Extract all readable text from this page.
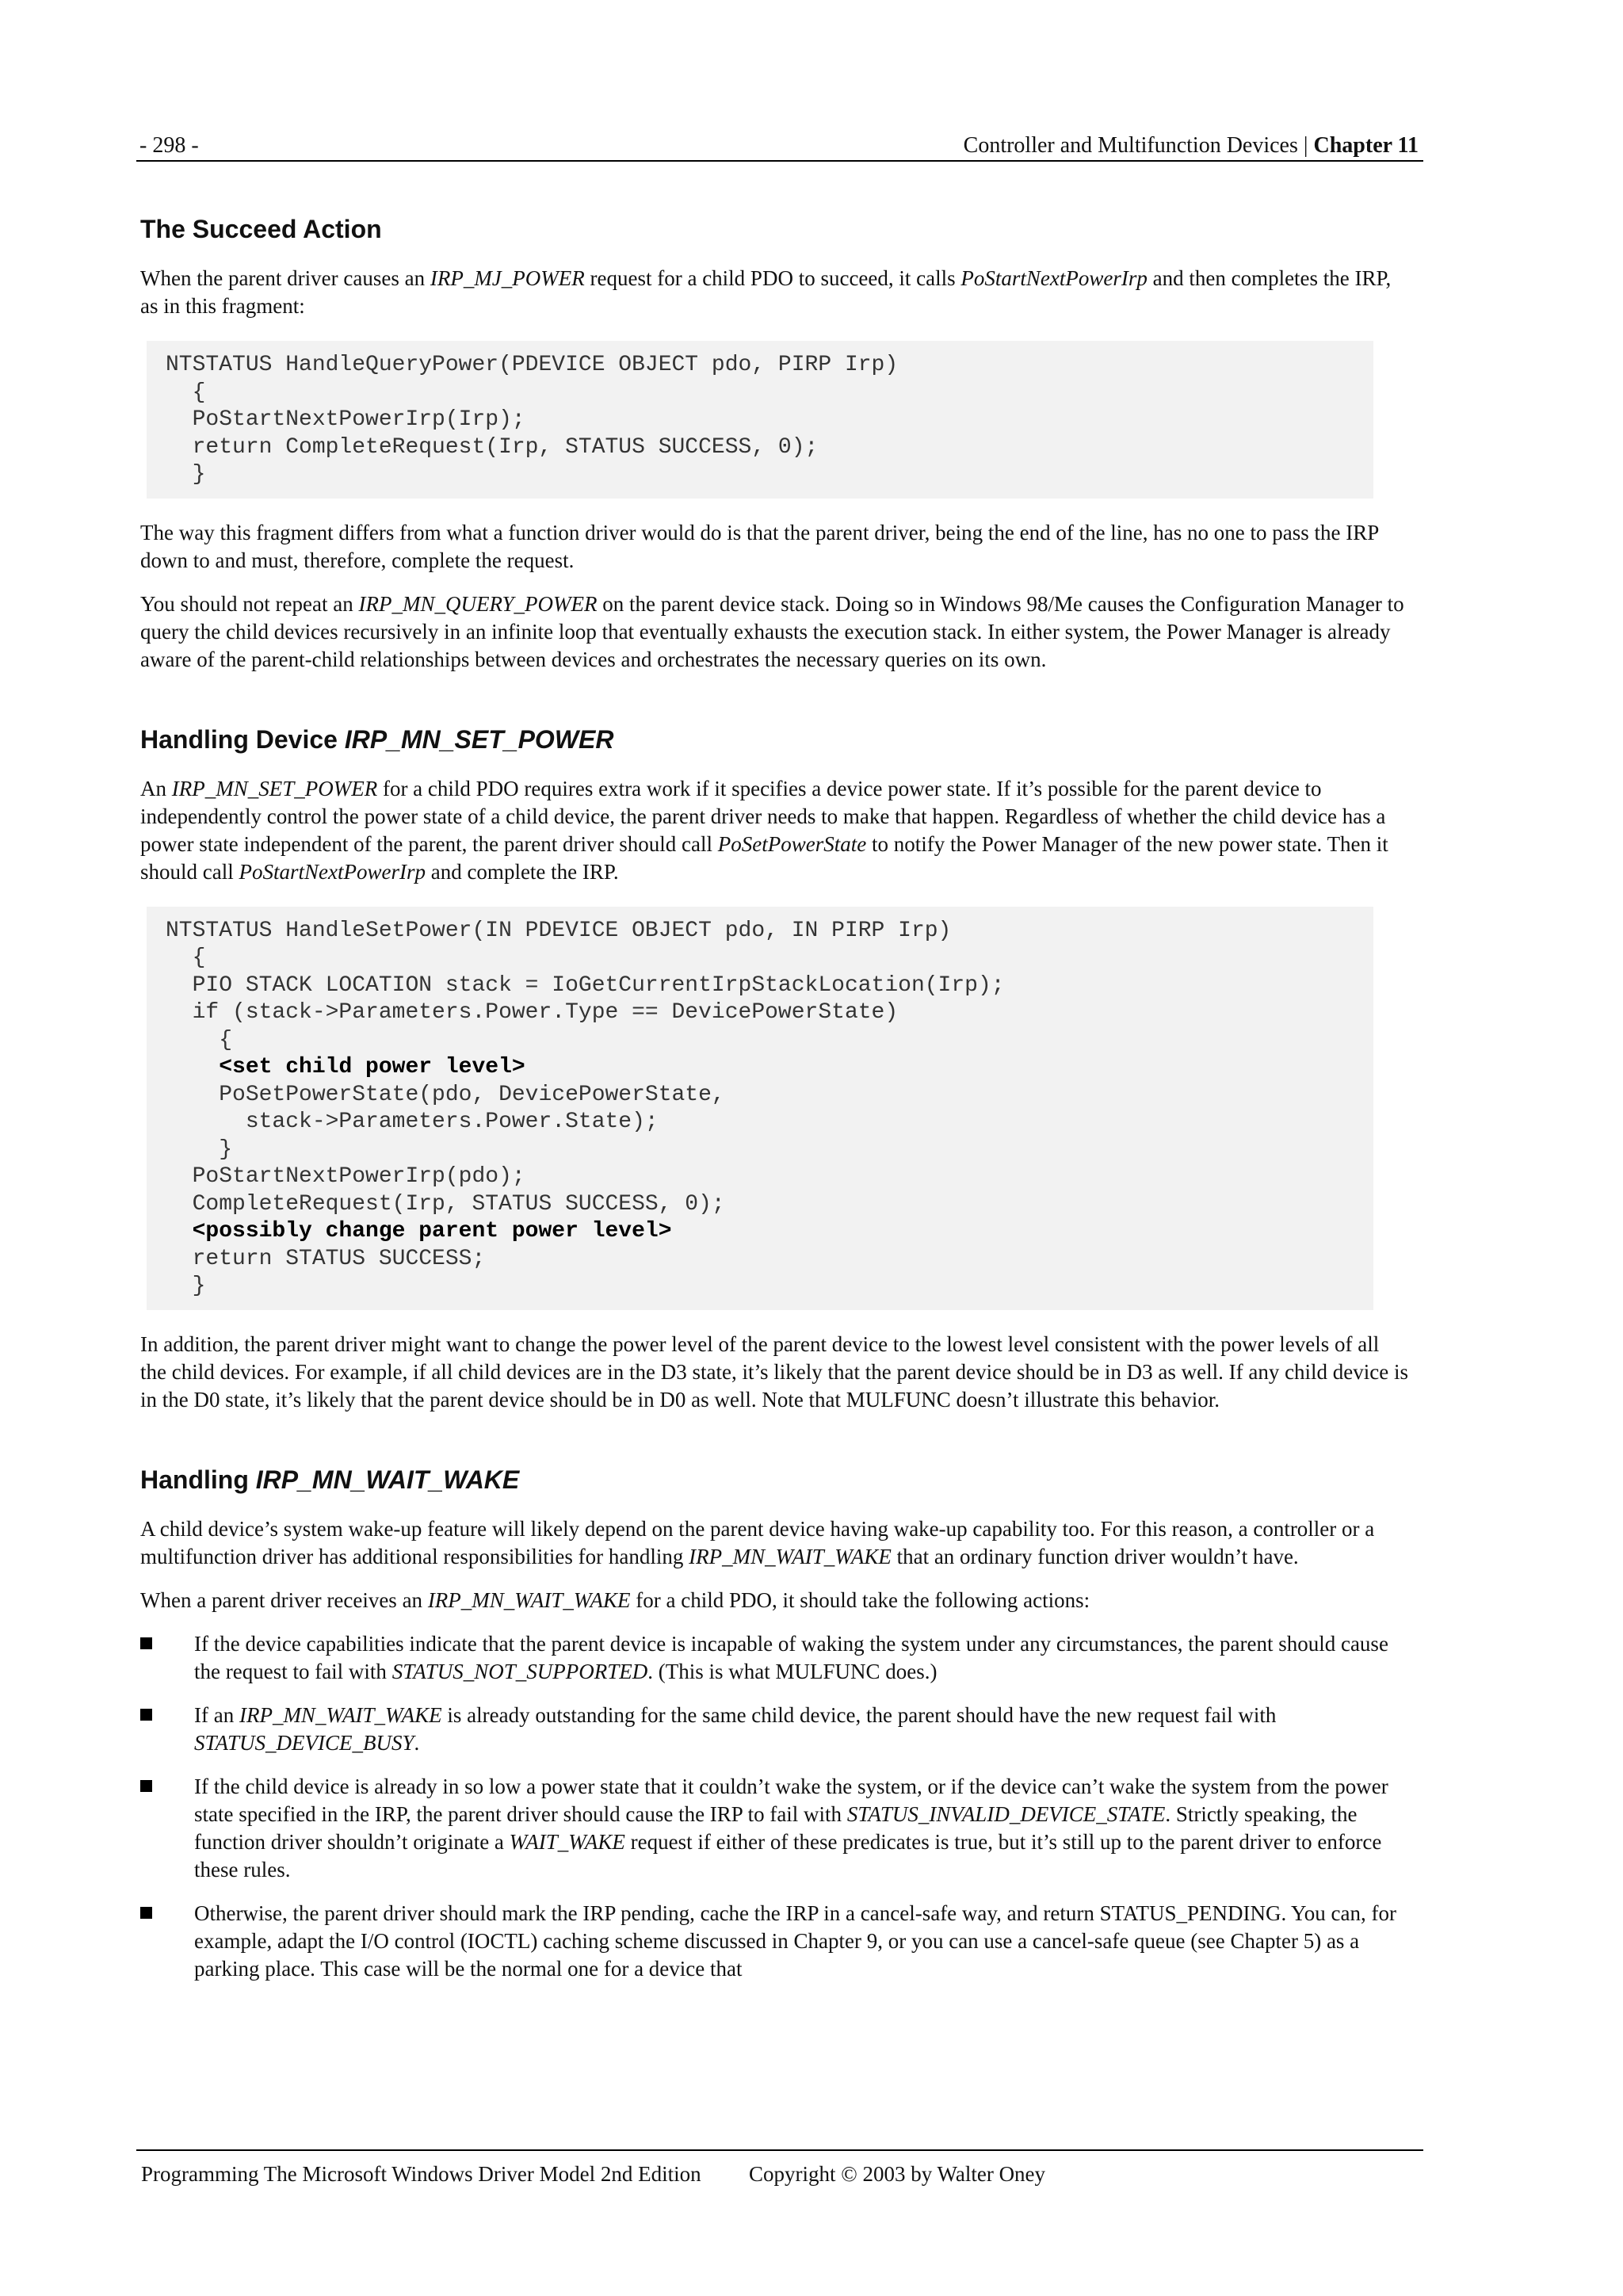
- 298 -	Controller and Multifunction Devices | Chapter 11
The Succeed Action

When the parent driver causes an IRP_MJ_POWER request for a child PDO to succeed, it calls PoStartNextPowerIrp and then completes the IRP, as in this fragment:

NTSTATUS HandleQueryPower(PDEVICE OBJECT pdo, PIRP Irp)
{
PoStartNextPowerIrp(Irp);
return CompleteRequest(Irp, STATUS SUCCESS, 0);
}

The way this fragment differs from what a function driver would do is that the parent driver, being the end of the line, has no one to pass the IRP down to and must, therefore, complete the request.

You should not repeat an IRP_MN_QUERY_POWER on the parent device stack. Doing so in Windows 98/Me causes the Configuration Manager to query the child devices recursively in an infinite loop that eventually exhausts the execution stack. In either system, the Power Manager is already aware of the parent-child relationships between devices and orchestrates the necessary queries on its own.

Handling Device IRP_MN_SET_POWER

An IRP_MN_SET_POWER for a child PDO requires extra work if it specifies a device power state. If it’s possible for the parent device to independently control the power state of a child device, the parent driver needs to make that happen. Regardless of whether the child device has a power state independent of the parent, the parent driver should call PoSetPowerState to notify the Power Manager of the new power state. Then it should call PoStartNextPowerIrp and complete the IRP.

NTSTATUS HandleSetPower(IN PDEVICE OBJECT pdo, IN PIRP Irp)
{
PIO STACK LOCATION stack = IoGetCurrentIrpStackLocation(Irp);
if (stack->Parameters.Power.Type == DevicePowerState)
{
<set child power level>
PoSetPowerState(pdo, DevicePowerState,
stack->Parameters.Power.State);
}
PoStartNextPowerIrp(pdo);
CompleteRequest(Irp, STATUS SUCCESS, 0);
<possibly change parent power level>
return STATUS SUCCESS;
}

In addition, the parent driver might want to change the power level of the parent device to the lowest level consistent with the power levels of all the child devices. For example, if all child devices are in the D3 state, it’s likely that the parent device should be in D3 as well. If any child device is in the D0 state, it’s likely that the parent device should be in D0 as well. Note that MULFUNC doesn’t illustrate this behavior.

Handling IRP_MN_WAIT_WAKE

A child device’s system wake-up feature will likely depend on the parent device having wake-up capability too. For this reason, a controller or a multifunction driver has additional responsibilities for handling IRP_MN_WAIT_WAKE that an ordinary function driver wouldn’t have.

When a parent driver receives an IRP_MN_WAIT_WAKE for a child PDO, it should take the following actions:

If the device capabilities indicate that the parent device is incapable of waking the system under any circumstances, the parent should cause the request to fail with STATUS_NOT_SUPPORTED. (This is what MULFUNC does.)
If an IRP_MN_WAIT_WAKE is already outstanding for the same child device, the parent should have the new request fail with STATUS_DEVICE_BUSY.
If the child device is already in so low a power state that it couldn’t wake the system, or if the device can’t wake the system from the power state specified in the IRP, the parent driver should cause the IRP to fail with STATUS_INVALID_DEVICE_STATE. Strictly speaking, the function driver shouldn’t originate a WAIT_WAKE request if either of these predicates is true, but it’s still up to the parent driver to enforce these rules.
Otherwise, the parent driver should mark the IRP pending, cache the IRP in a cancel-safe way, and return STATUS_PENDING. You can, for example, adapt the I/O control (IOCTL) caching scheme discussed in Chapter 9, or you can use a cancel-safe queue (see Chapter 5) as a parking place. This case will be the normal one for a device that
Programming The Microsoft Windows Driver Model 2nd Edition Copyright © 2003 by Walter Oney
